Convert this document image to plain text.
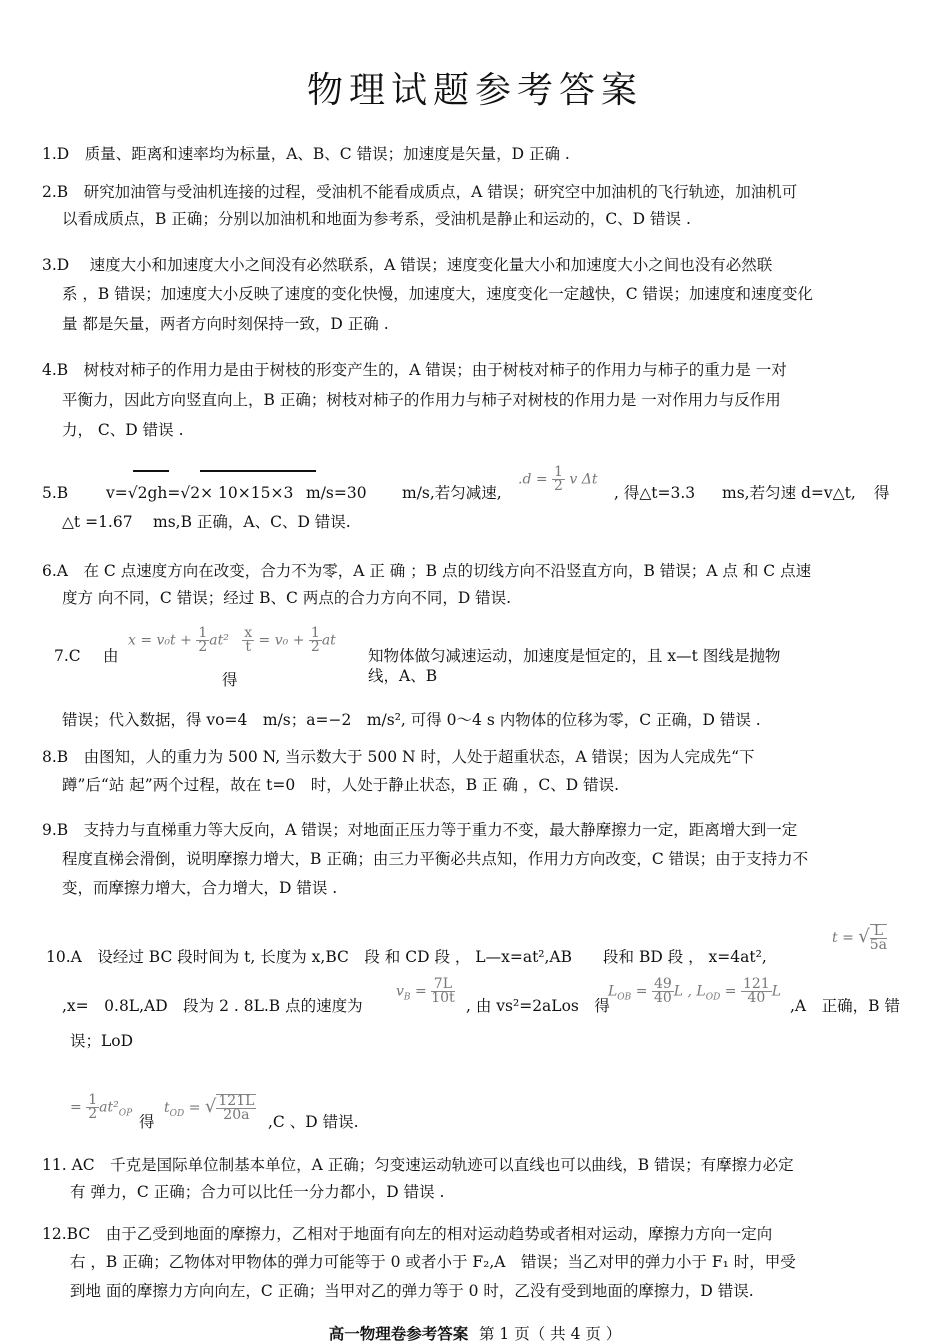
物理试题参考答案
1.D　质量、距离和速率均为标量，A、B、C 错误；加速度是矢量，D 正确 .
2.B　研究加油管与受油机连接的过程，受油机不能看成质点，A 错误；研究空中加油机的飞行轨迹，加油机可
以看成质点，B 正确；分别以加油机和地面为参考系，受油机是静止和运动的，C、D 错误 .
3.D　 速度大小和加速度大小之间没有必然联系，A 错误；速度变化量大小和加速度大小之间也没有必然联
系 ，B 错误；加速度大小反映了速度的变化快慢，加速度大，速度变化一定越快，C 错误；加速度和速度变化
量 都是矢量，两者方向时刻保持一致，D 正确 .
4.B　树枝对柿子的作用力是由于树枝的形变产生的，A 错误；由于树枝对柿子的作用力与柿子的重力是 一对
平衡力，因此方向竖直向上，B 正确；树枝对柿子的作用力与柿子对树枝的作用力是 一对作用力与反作用
力， C、D 错误 .
5.B v=√2gh=√2× 10×15×3 m/s=30 m/s,若匀减速,
$.d = \frac{1}{2}$ v Δt
, 得△t=3.3 ms,若匀速 d=v△t, 得
△t =1.67 ms,B 正确，A、C、D 错误.
6.A　在 C 点速度方向在改变，合力不为零，A 正 确 ；B 点的切线方向不沿竖直方向，B 错误；A 点 和 C 点速
度方 向不同，C 错误；经过 B、C 两点的合力方向不同，D 错误.
7.C 由
$x = v_0t + \frac{1}{2} at^2 \frac{x}{t} = v_0 + \frac{1}{2}$ at
得
知物体做匀减速运动，加速度是恒定的，且 x—t 图线是抛物
线，A、B
错误；代入数据，得 vo=4　m/s；a=−2　m/s², 可得 0～4 s 内物体的位移为零，C 正确，D 错误 .
8.B　由图知，人的重力为 500 N, 当示数大于 500 N 时，人处于超重状态，A 错误；因为人完成先“下
蹲”后“站 起”两个过程，故在 t=0　时，人处于静止状态，B 正 确 ，C、D 错误.
9.B　支持力与直梯重力等大反向，A 错误；对地面正压力等于重力不变，最大静摩擦力一定，距离增大到一定
程度直梯会滑倒，说明摩擦力增大，B 正确；由三力平衡必共点知，作用力方向改变，C 错误；由于支持力不
变，而摩擦力增大，合力增大，D 错误 .
10.A　设经过 BC 段时间为 t, 长度为 x,BC　段 和 CD 段 ， L—x=at²,AB　　段和 BD 段 ， x=4at²,
t = √ $\frac{L}{5a}$
,x=　0.8L,AD　段为 2 . 8L.B 点的速度为
$v_B = \frac{7L}{10t}$
, 由 vs²=2aLos　得
$L_{OB} = \frac{49}{40}$ L , $L_{OD} = \frac{121}{40}$ L
,A　正确，B 错
误；LoD
= $\frac{1}{2} at^2_{OP}$ 得
$t_{OD}$ = √ $\frac{121L}{20a} ,C$ 、D 错误.
11. AC　千克是国际单位制基本单位，A 正确；匀变速运动轨迹可以直线也可以曲线，B 错误；有摩擦力必定
有 弹力，C 正确；合力可以比任一分力都小，D 错误 .
12.BC　由于乙受到地面的摩擦力，乙相对于地面有向左的相对运动趋势或者相对运动，摩擦力方向一定向
右 ，B 正确；乙物体对甲物体的弹力可能等于 0 或者小于 F₂,A　错误；当乙对甲的弹力小于 F₁ 时，甲受
到地 面的摩擦力方向向左，C 正确；当甲对乙的弹力等于 0 时，乙没有受到地面的摩擦力，D 错误.
高一物理卷参考答案 第 1 页（ 共 4 页 ）
